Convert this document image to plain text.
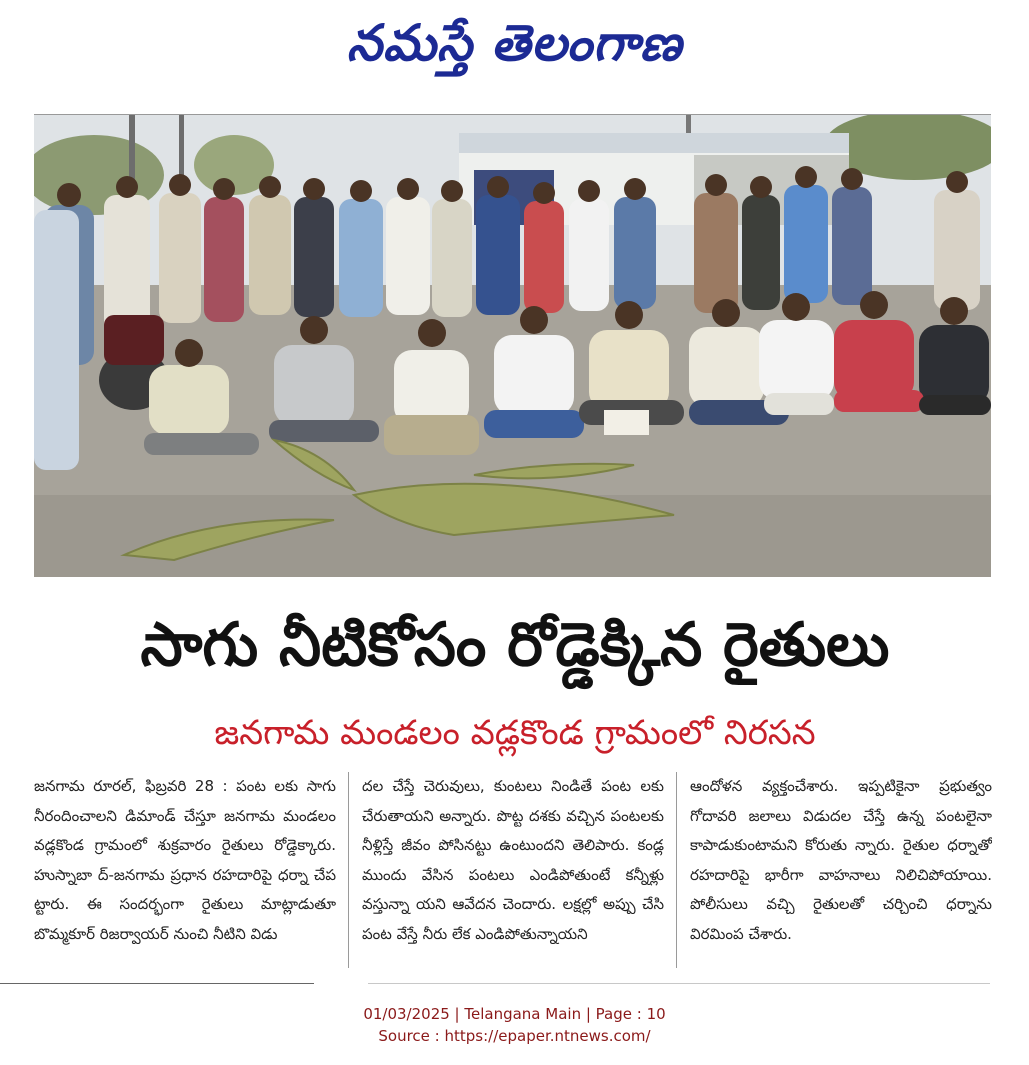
నమస్తే తెలంగాణ
సాగు నీటికోసం రోడ్డెక్కిన రైతులు
జనగామ మండలం వడ్లకొండ గ్రామంలో నిరసన
జనగామ రూరల్, ఫిబ్రవరి 28 : పంట లకు సాగు నీరందించాలని డిమాండ్ చేస్తూ జనగామ మండలం వడ్లకొండ గ్రామంలో శుక్రవారం రైతులు రోడ్డెక్కారు. హుస్నాబా ద్-జనగామ ప్రధాన రహదారిపై ధర్నా చేప ట్టారు. ఈ సందర్భంగా రైతులు మాట్లాడుతూ బొమ్మకూర్ రిజర్వాయర్ నుంచి నీటిని విడు
దల చేస్తే చెరువులు, కుంటలు నిండితే పంట లకు చేరుతాయని అన్నారు. పొట్ట దశకు వచ్చిన పంటలకు నీళ్లిస్తే జీవం పోసినట్టు ఉంటుందని తెలిపారు. కండ్ల ముందు వేసిన పంటలు ఎండిపోతుంటే కన్నీళ్లు వస్తున్నా యని ఆవేదన చెందారు. లక్షల్లో అప్పు చేసి పంట వేస్తే నీరు లేక ఎండిపోతున్నాయని
ఆందోళన వ్యక్తంచేశారు. ఇప్పటికైనా ప్రభుత్వం గోదావరి జలాలు విడుదల చేస్తే ఉన్న పంటలైనా కాపాడుకుంటామని కోరుతు న్నారు. రైతుల ధర్నాతో రహదారిపై భారీగా వాహనాలు నిలిచిపోయాయి. పోలీసులు వచ్చి రైతులతో చర్చించి ధర్నాను విరమింప చేశారు.
01/03/2025 | Telangana Main | Page : 10
Source : https://epaper.ntnews.com/
